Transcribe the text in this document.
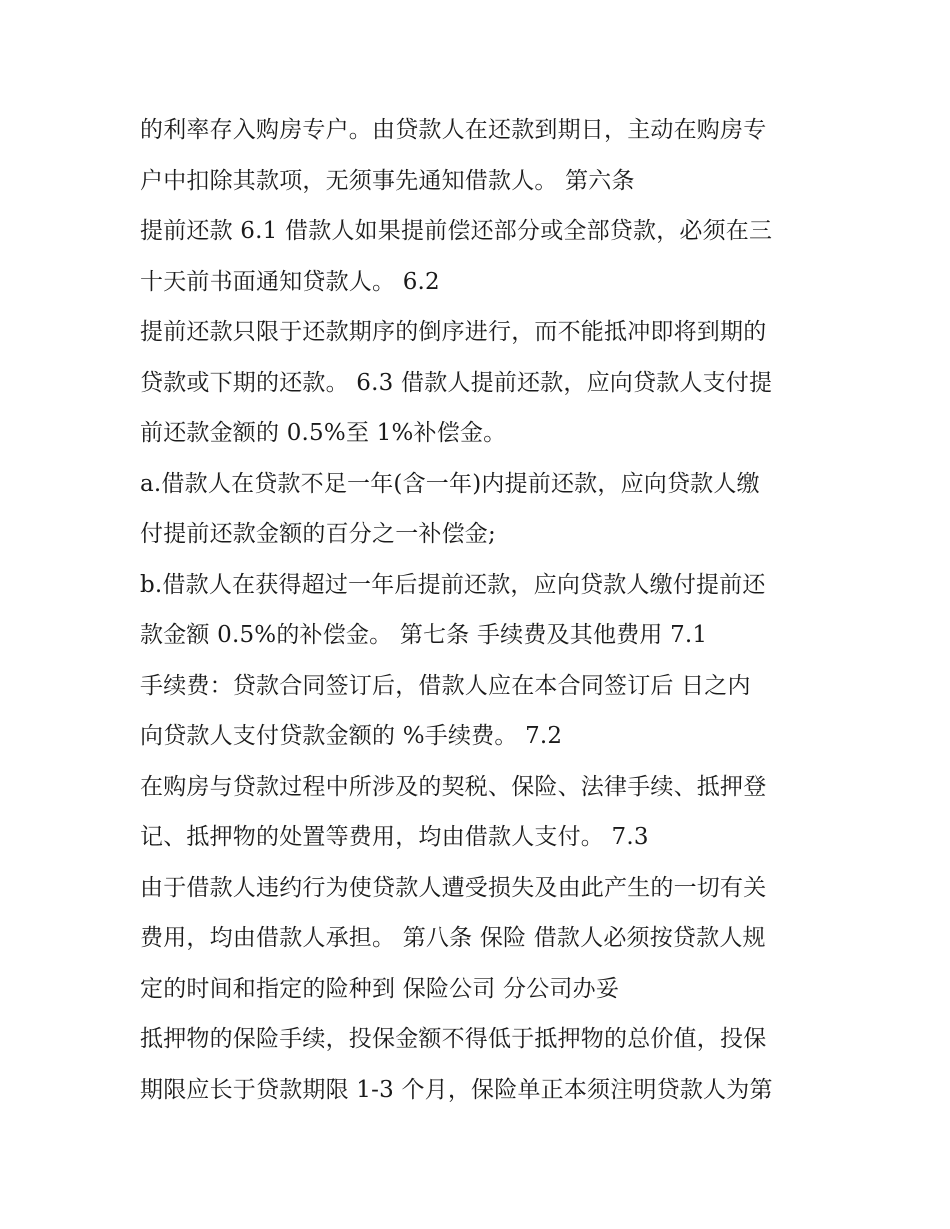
的利率存入购房专户。由贷款人在还款到期日，主动在购房专
户中扣除其款项，无须事先通知借款人。 第六条
提前还款 6.1 借款人如果提前偿还部分或全部贷款，必须在三
十天前书面通知贷款人。 6.2
提前还款只限于还款期序的倒序进行，而不能抵冲即将到期的
贷款或下期的还款。 6.3 借款人提前还款，应向贷款人支付提
前还款金额的 0.5%至 1%补偿金。
a.借款人在贷款不足一年(含一年)内提前还款，应向贷款人缴
付提前还款金额的百分之一补偿金;
b.借款人在获得超过一年后提前还款，应向贷款人缴付提前还
款金额 0.5%的补偿金。 第七条 手续费及其他费用 7.1
手续费：贷款合同签订后，借款人应在本合同签订后 日之内
向贷款人支付贷款金额的 %手续费。 7.2
在购房与贷款过程中所涉及的契税、保险、法律手续、抵押登
记、抵押物的处置等费用，均由借款人支付。 7.3
由于借款人违约行为使贷款人遭受损失及由此产生的一切有关
费用，均由借款人承担。 第八条 保险 借款人必须按贷款人规
定的时间和指定的险种到 保险公司 分公司办妥
抵押物的保险手续，投保金额不得低于抵押物的总价值，投保
期限应长于贷款期限 1-3 个月，保险单正本须注明贷款人为第
